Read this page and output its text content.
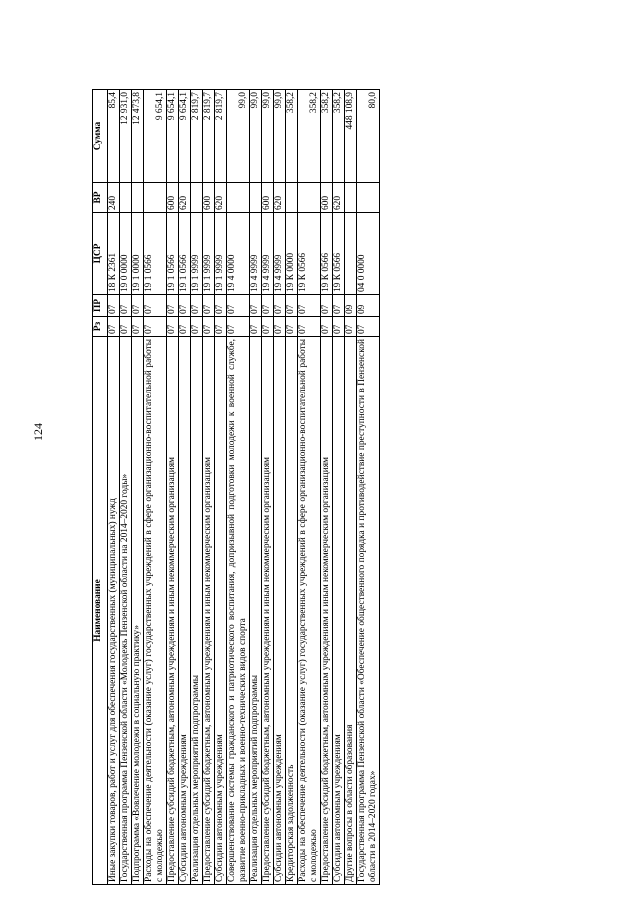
124
Наименование	Рз	ПР	ЦСР	ВР	Сумма
Иные закупки товаров, работ и услуг для обеспечения государственных (муниципальных) нужд	07	07	18 К 2361	240	85,4
Государственная программа Пензенской области «Молодежь Пензенской области на 2014–2020 годы»	07	07	19 0 0000		12 931,0
Подпрограмма «Вовлечение молодежи в социальную практику»	07	07	19 1 0000		12 473,8
Расходы на обеспечение деятельности (оказание услуг) государственных учреждений в сфере организационно-воспитательной работы с молодежью	07	07	19 1 0566		9 654,1
Предоставление субсидий бюджетным, автономным учреждениям и иным некоммерческим организациям	07	07	19 1 0566	600	9 654,1
Субсидии автономным учреждениям	07	07	19 1 0566	620	9 654,1
Реализация отдельных мероприятий подпрограммы	07	07	19 1 9999		2 819,7
Предоставление субсидий бюджетным, автономным учреждениям и иным некоммерческим организациям	07	07	19 1 9999	600	2 819,7
Субсидии автономным учреждениям	07	07	19 1 9999	620	2 819,7
Совершенствование системы гражданского и патриотического воспитания, допризывной подготовки молодежи к военной службе, развитие военно-прикладных и военно-технических видов спорта	07	07	19 4 0000		99,0
Реализация отдельных мероприятий подпрограммы	07	07	19 4 9999		99,0
Предоставление субсидий бюджетным, автономным учреждениям и иным некоммерческим организациям	07	07	19 4 9999	600	99,0
Субсидии автономным учреждениям	07	07	19 4 9999	620	99,0
Кредиторская задолженность	07	07	19 К 0000		358,2
Расходы на обеспечение деятельности (оказание услуг) государственных учреждений в сфере организационно-воспитательной работы с молодежью	07	07	19 К 0566		358,2
Предоставление субсидий бюджетным, автономным учреждениям и иным некоммерческим организациям	07	07	19 К 0566	600	358,2
Субсидии автономным учреждениям	07	07	19 К 0566	620	358,2
Другие вопросы в области образования	07	09			448 108,9
Государственная программа Пензенской области «Обеспечение общественного порядка и противодействие преступности в Пензенской области в 2014–2020 годах»	07	09	04 0 0000		80,0
